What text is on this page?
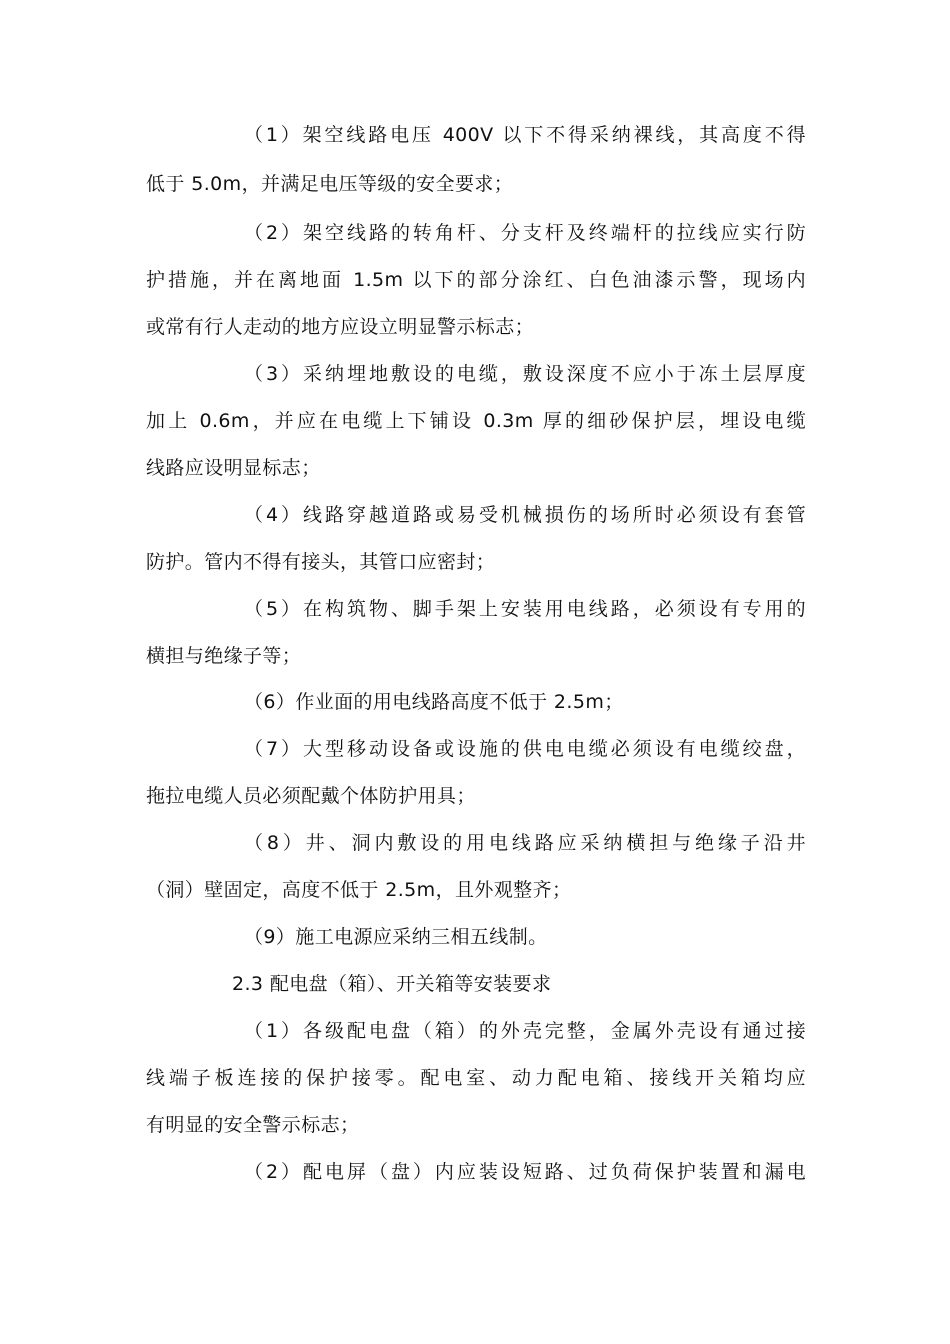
（1）架空线路电压 400V 以下不得采纳裸线，其高度不得
低于 5.0m，并满足电压等级的安全要求；
（2）架空线路的转角杆、分支杆及终端杆的拉线应实行防
护措施，并在离地面 1.5m 以下的部分涂红、白色油漆示警，现场内
或常有行人走动的地方应设立明显警示标志；
（3）采纳埋地敷设的电缆，敷设深度不应小于冻土层厚度
加上 0.6m，并应在电缆上下铺设 0.3m 厚的细砂保护层，埋设电缆
线路应设明显标志；
（4）线路穿越道路或易受机械损伤的场所时必须设有套管
防护。管内不得有接头，其管口应密封；
（5）在构筑物、脚手架上安装用电线路，必须设有专用的
横担与绝缘子等；
（6）作业面的用电线路高度不低于 2.5m；
（7）大型移动设备或设施的供电电缆必须设有电缆绞盘，
拖拉电缆人员必须配戴个体防护用具；
（8）井、洞内敷设的用电线路应采纳横担与绝缘子沿井
（洞）壁固定，高度不低于 2.5m，且外观整齐；
（9）施工电源应采纳三相五线制。
2.3 配电盘（箱）、开关箱等安装要求
（1）各级配电盘（箱）的外壳完整，金属外壳设有通过接
线端子板连接的保护接零。配电室、动力配电箱、接线开关箱均应
有明显的安全警示标志；
（2）配电屏（盘）内应装设短路、过负荷保护装置和漏电
